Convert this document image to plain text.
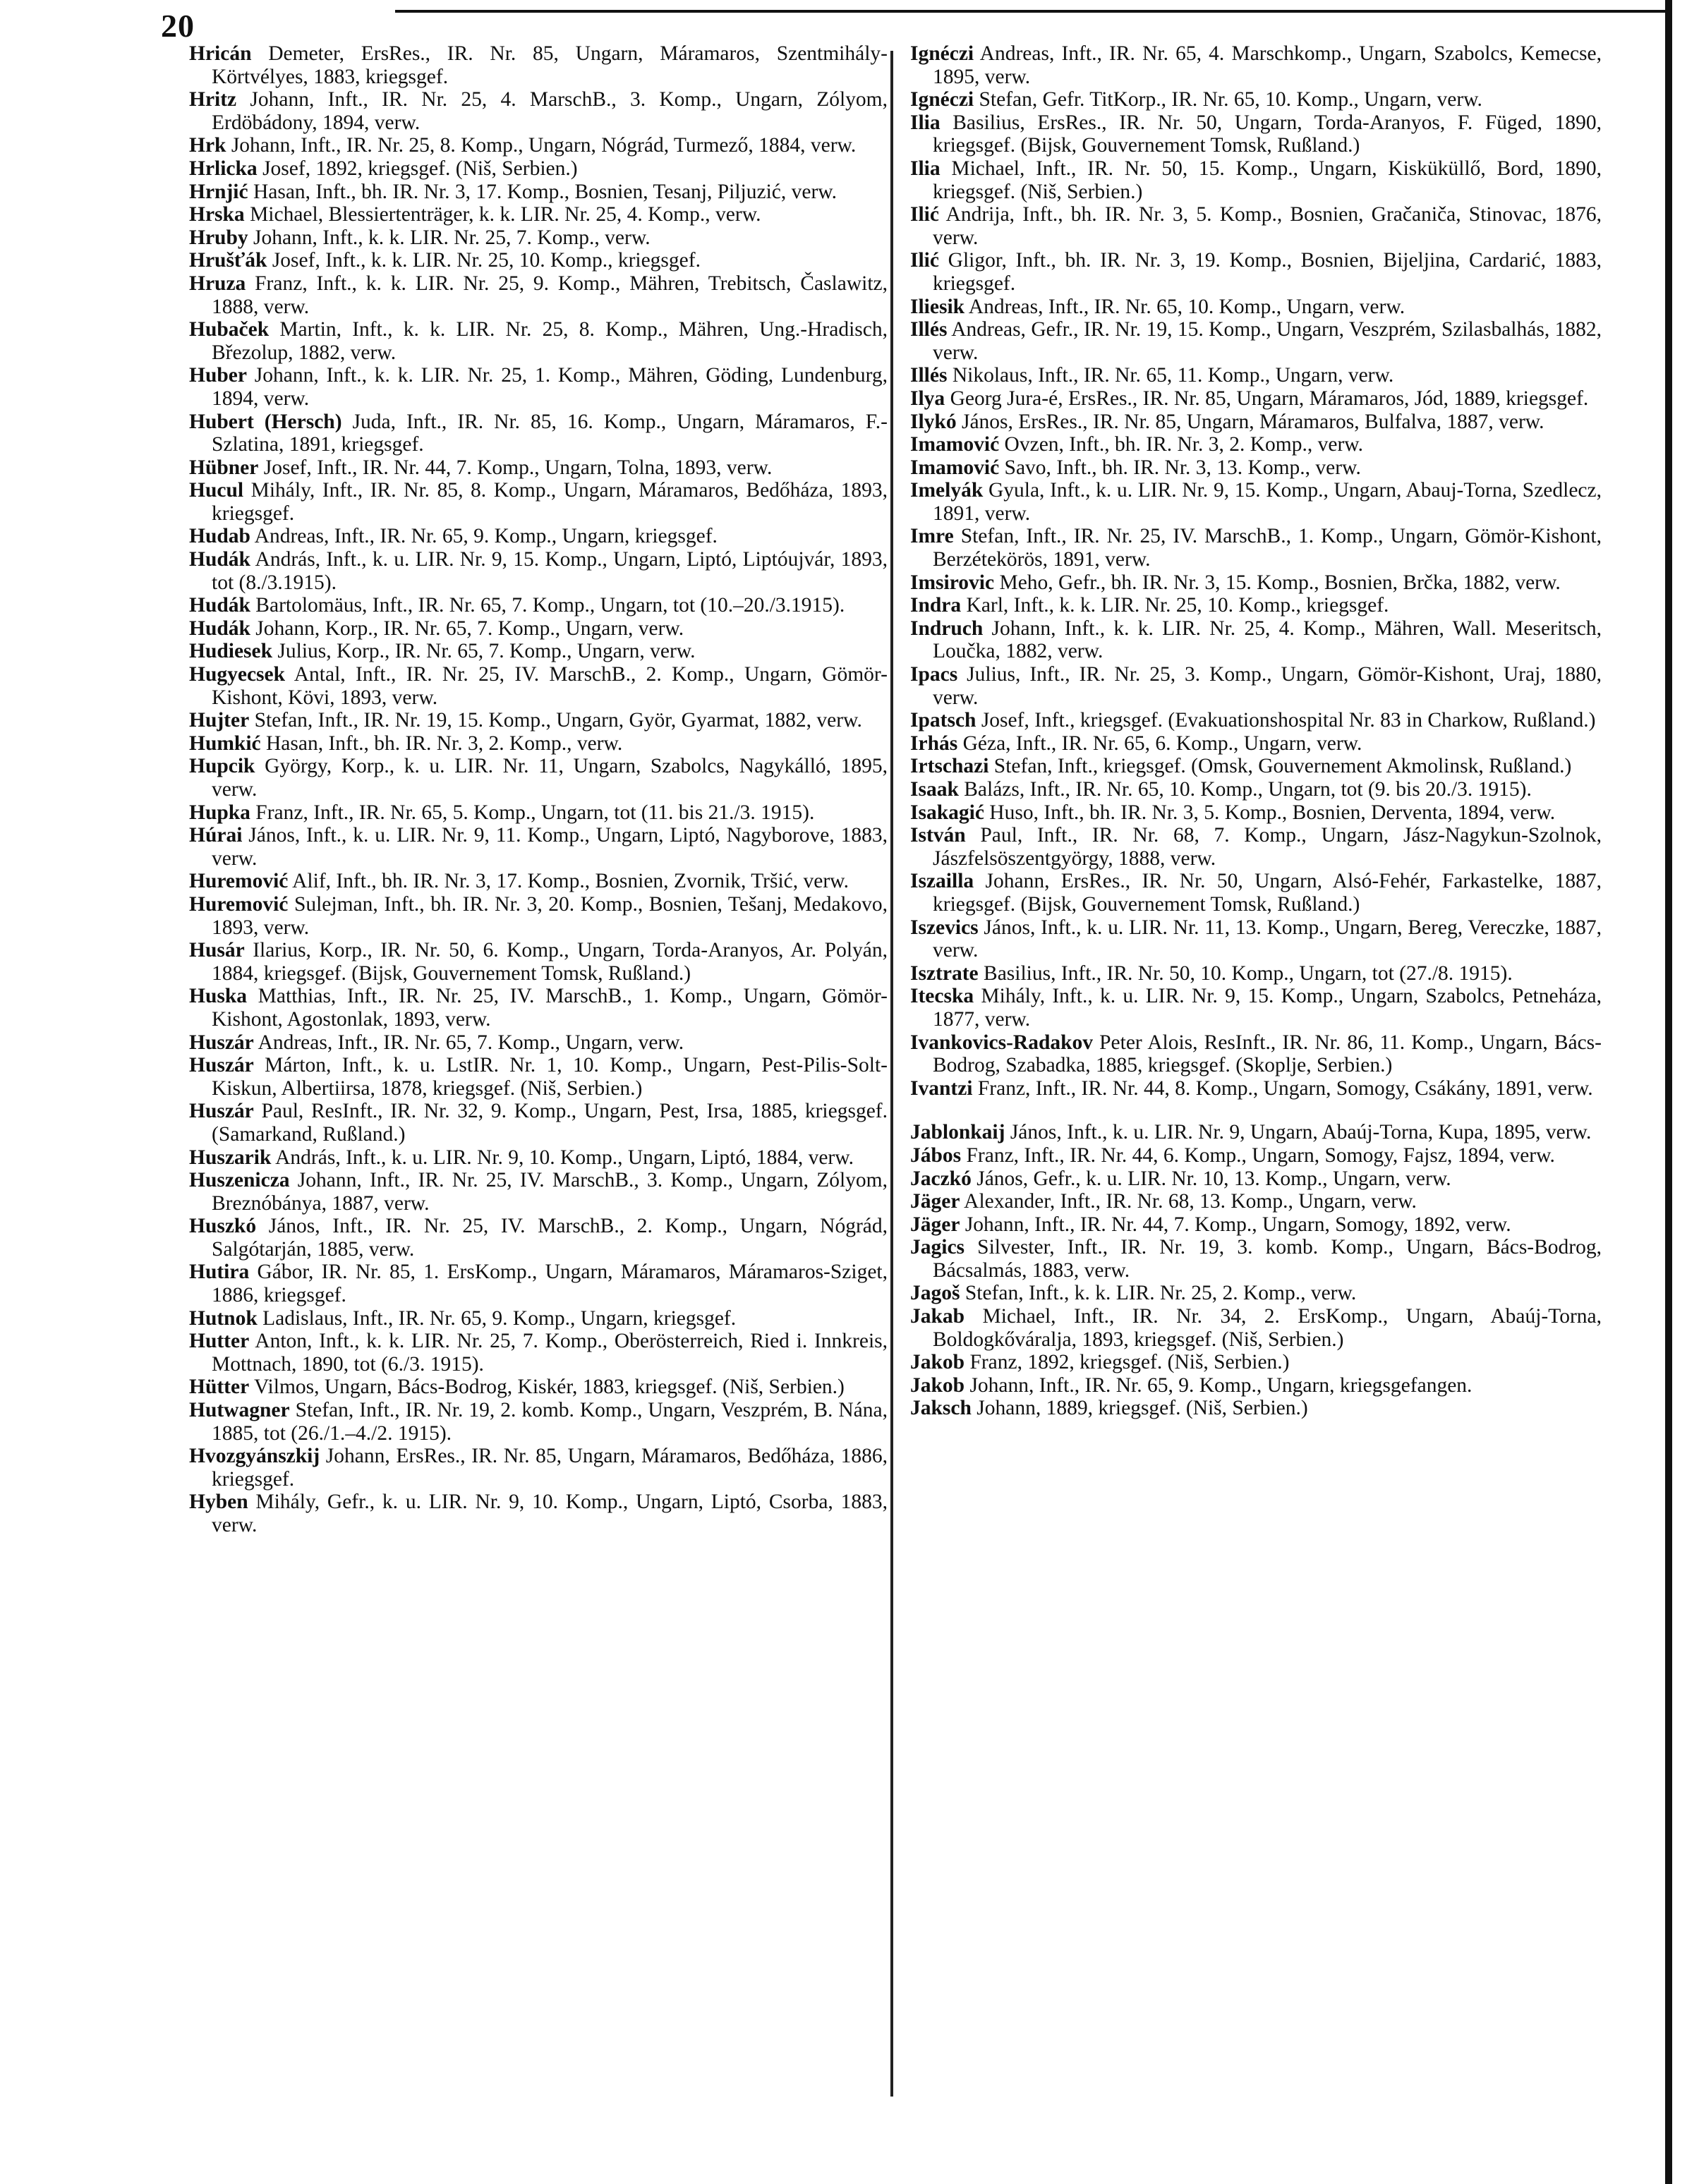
20

Hricán Demeter, ErsRes., IR. Nr. 85, Ungarn, Máramaros, Szentmihály-Körtvélyes, 1883, kriegsgef.

Hritz Johann, Inft., IR. Nr. 25, 4. MarschB., 3. Komp., Ungarn, Zólyom, Erdöbádony, 1894, verw.

Hrk Johann, Inft., IR. Nr. 25, 8. Komp., Ungarn, Nógrád, Turmező, 1884, verw.

Hrlicka Josef, 1892, kriegsgef. (Niš, Serbien.)

Hrnjić Hasan, Inft., bh. IR. Nr. 3, 17. Komp., Bosnien, Tesanj, Piljuzić, verw.

Hrska Michael, Blessiertenträger, k. k. LIR. Nr. 25, 4. Komp., verw.

Hruby Johann, Inft., k. k. LIR. Nr. 25, 7. Komp., verw.

Hrušťák Josef, Inft., k. k. LIR. Nr. 25, 10. Komp., kriegsgef.

Hruza Franz, Inft., k. k. LIR. Nr. 25, 9. Komp., Mähren, Trebitsch, Časlawitz, 1888, verw.

Hubaček Martin, Inft., k. k. LIR. Nr. 25, 8. Komp., Mähren, Ung.-Hradisch, Březolup, 1882, verw.

Huber Johann, Inft., k. k. LIR. Nr. 25, 1. Komp., Mähren, Göding, Lundenburg, 1894, verw.

Hubert (Hersch) Juda, Inft., IR. Nr. 85, 16. Komp., Ungarn, Máramaros, F.-Szlatina, 1891, kriegsgef.

Hübner Josef, Inft., IR. Nr. 44, 7. Komp., Ungarn, Tolna, 1893, verw.

Hucul Mihály, Inft., IR. Nr. 85, 8. Komp., Ungarn, Máramaros, Bedőháza, 1893, kriegsgef.

Hudab Andreas, Inft., IR. Nr. 65, 9. Komp., Ungarn, kriegsgef.

Hudák András, Inft., k. u. LIR. Nr. 9, 15. Komp., Ungarn, Liptó, Liptóujvár, 1893, tot (8./3.1915).

Hudák Bartolomäus, Inft., IR. Nr. 65, 7. Komp., Ungarn, tot (10.–20./3.1915).

Hudák Johann, Korp., IR. Nr. 65, 7. Komp., Ungarn, verw.

Hudiesek Julius, Korp., IR. Nr. 65, 7. Komp., Ungarn, verw.

Hugyecsek Antal, Inft., IR. Nr. 25, IV. MarschB., 2. Komp., Ungarn, Gömör-Kishont, Kövi, 1893, verw.

Hujter Stefan, Inft., IR. Nr. 19, 15. Komp., Ungarn, Györ, Gyarmat, 1882, verw.

Humkić Hasan, Inft., bh. IR. Nr. 3, 2. Komp., verw.

Hupcik György, Korp., k. u. LIR. Nr. 11, Ungarn, Szabolcs, Nagykálló, 1895, verw.

Hupka Franz, Inft., IR. Nr. 65, 5. Komp., Ungarn, tot (11. bis 21./3. 1915).

Húrai János, Inft., k. u. LIR. Nr. 9, 11. Komp., Ungarn, Liptó, Nagyborove, 1883, verw.

Huremović Alif, Inft., bh. IR. Nr. 3, 17. Komp., Bosnien, Zvornik, Tršić, verw.

Huremović Sulejman, Inft., bh. IR. Nr. 3, 20. Komp., Bosnien, Tešanj, Medakovo, 1893, verw.

Husár Ilarius, Korp., IR. Nr. 50, 6. Komp., Ungarn, Torda-Aranyos, Ar. Polyán, 1884, kriegsgef. (Bijsk, Gouvernement Tomsk, Rußland.)

Huska Matthias, Inft., IR. Nr. 25, IV. MarschB., 1. Komp., Ungarn, Gömör-Kishont, Agostonlak, 1893, verw.

Huszár Andreas, Inft., IR. Nr. 65, 7. Komp., Ungarn, verw.

Huszár Márton, Inft., k. u. LstIR. Nr. 1, 10. Komp., Ungarn, Pest-Pilis-Solt-Kiskun, Albertiirsa, 1878, kriegsgef. (Niš, Serbien.)

Huszár Paul, ResInft., IR. Nr. 32, 9. Komp., Ungarn, Pest, Irsa, 1885, kriegsgef. (Samarkand, Rußland.)

Huszarik András, Inft., k. u. LIR. Nr. 9, 10. Komp., Ungarn, Liptó, 1884, verw.

Huszenicza Johann, Inft., IR. Nr. 25, IV. MarschB., 3. Komp., Ungarn, Zólyom, Breznóbánya, 1887, verw.

Huszkó János, Inft., IR. Nr. 25, IV. MarschB., 2. Komp., Ungarn, Nógrád, Salgótarján, 1885, verw.

Hutira Gábor, IR. Nr. 85, 1. ErsKomp., Ungarn, Máramaros, Máramaros-Sziget, 1886, kriegsgef.

Hutnok Ladislaus, Inft., IR. Nr. 65, 9. Komp., Ungarn, kriegsgef.

Hutter Anton, Inft., k. k. LIR. Nr. 25, 7. Komp., Oberösterreich, Ried i. Innkreis, Mottnach, 1890, tot (6./3. 1915).

Hütter Vilmos, Ungarn, Bács-Bodrog, Kiskér, 1883, kriegsgef. (Niš, Serbien.)

Hutwagner Stefan, Inft., IR. Nr. 19, 2. komb. Komp., Ungarn, Veszprém, B. Nána, 1885, tot (26./1.–4./2. 1915).

Hvozgyánszkij Johann, ErsRes., IR. Nr. 85, Ungarn, Máramaros, Bedőháza, 1886, kriegsgef.

Hyben Mihály, Gefr., k. u. LIR. Nr. 9, 10. Komp., Ungarn, Liptó, Csorba, 1883, verw.

Ignéczi Andreas, Inft., IR. Nr. 65, 4. Marschkomp., Ungarn, Szabolcs, Kemecse, 1895, verw.

Ignéczi Stefan, Gefr. TitKorp., IR. Nr. 65, 10. Komp., Ungarn, verw.

Ilia Basilius, ErsRes., IR. Nr. 50, Ungarn, Torda-Aranyos, F. Füged, 1890, kriegsgef. (Bijsk, Gouvernement Tomsk, Rußland.)

Ilia Michael, Inft., IR. Nr. 50, 15. Komp., Ungarn, Kisküküllő, Bord, 1890, kriegsgef. (Niš, Serbien.)

Ilić Andrija, Inft., bh. IR. Nr. 3, 5. Komp., Bosnien, Gračaniča, Stinovac, 1876, verw.

Ilić Gligor, Inft., bh. IR. Nr. 3, 19. Komp., Bosnien, Bijeljina, Cardarić, 1883, kriegsgef.

Iliesik Andreas, Inft., IR. Nr. 65, 10. Komp., Ungarn, verw.

Illés Andreas, Gefr., IR. Nr. 19, 15. Komp., Ungarn, Veszprém, Szilasbalhás, 1882, verw.

Illés Nikolaus, Inft., IR. Nr. 65, 11. Komp., Ungarn, verw.

Ilya Georg Jura-é, ErsRes., IR. Nr. 85, Ungarn, Máramaros, Jód, 1889, kriegsgef.

Ilykó János, ErsRes., IR. Nr. 85, Ungarn, Máramaros, Bulfalva, 1887, verw.

Imamović Ovzen, Inft., bh. IR. Nr. 3, 2. Komp., verw.

Imamović Savo, Inft., bh. IR. Nr. 3, 13. Komp., verw.

Imelyák Gyula, Inft., k. u. LIR. Nr. 9, 15. Komp., Ungarn, Abauj-Torna, Szedlecz, 1891, verw.

Imre Stefan, Inft., IR. Nr. 25, IV. MarschB., 1. Komp., Ungarn, Gömör-Kishont, Berzétekörös, 1891, verw.

Imsirovic Meho, Gefr., bh. IR. Nr. 3, 15. Komp., Bosnien, Brčka, 1882, verw.

Indra Karl, Inft., k. k. LIR. Nr. 25, 10. Komp., kriegsgef.

Indruch Johann, Inft., k. k. LIR. Nr. 25, 4. Komp., Mähren, Wall. Meseritsch, Loučka, 1882, verw.

Ipacs Julius, Inft., IR. Nr. 25, 3. Komp., Ungarn, Gömör-Kishont, Uraj, 1880, verw.

Ipatsch Josef, Inft., kriegsgef. (Evakuationshospital Nr. 83 in Charkow, Rußland.)

Irhás Géza, Inft., IR. Nr. 65, 6. Komp., Ungarn, verw.

Irtschazi Stefan, Inft., kriegsgef. (Omsk, Gouvernement Akmolinsk, Rußland.)

Isaak Balázs, Inft., IR. Nr. 65, 10. Komp., Ungarn, tot (9. bis 20./3. 1915).

Isakagić Huso, Inft., bh. IR. Nr. 3, 5. Komp., Bosnien, Derventa, 1894, verw.

István Paul, Inft., IR. Nr. 68, 7. Komp., Ungarn, Jász-Nagykun-Szolnok, Jászfelsöszentgyörgy, 1888, verw.

Iszailla Johann, ErsRes., IR. Nr. 50, Ungarn, Alsó-Fehér, Farkastelke, 1887, kriegsgef. (Bijsk, Gouvernement Tomsk, Rußland.)

Iszevics János, Inft., k. u. LIR. Nr. 11, 13. Komp., Ungarn, Bereg, Vereczke, 1887, verw.

Isztrate Basilius, Inft., IR. Nr. 50, 10. Komp., Ungarn, tot (27./8. 1915).

Itecska Mihály, Inft., k. u. LIR. Nr. 9, 15. Komp., Ungarn, Szabolcs, Petneháza, 1877, verw.

Ivankovics-Radakov Peter Alois, ResInft., IR. Nr. 86, 11. Komp., Ungarn, Bács-Bodrog, Szabadka, 1885, kriegsgef. (Skoplje, Serbien.)

Ivantzi Franz, Inft., IR. Nr. 44, 8. Komp., Ungarn, Somogy, Csákány, 1891, verw.

Jablonkaij János, Inft., k. u. LIR. Nr. 9, Ungarn, Abaúj-Torna, Kupa, 1895, verw.

Jábos Franz, Inft., IR. Nr. 44, 6. Komp., Ungarn, Somogy, Fajsz, 1894, verw.

Jaczkó János, Gefr., k. u. LIR. Nr. 10, 13. Komp., Ungarn, verw.

Jäger Alexander, Inft., IR. Nr. 68, 13. Komp., Ungarn, verw.

Jäger Johann, Inft., IR. Nr. 44, 7. Komp., Ungarn, Somogy, 1892, verw.

Jagics Silvester, Inft., IR. Nr. 19, 3. komb. Komp., Ungarn, Bács-Bodrog, Bácsalmás, 1883, verw.

Jagoš Stefan, Inft., k. k. LIR. Nr. 25, 2. Komp., verw.

Jakab Michael, Inft., IR. Nr. 34, 2. ErsKomp., Ungarn, Abaúj-Torna, Boldogkőváralja, 1893, kriegsgef. (Niš, Serbien.)

Jakob Franz, 1892, kriegsgef. (Niš, Serbien.)

Jakob Johann, Inft., IR. Nr. 65, 9. Komp., Ungarn, kriegsgefangen.

Jaksch Johann, 1889, kriegsgef. (Niš, Serbien.)
